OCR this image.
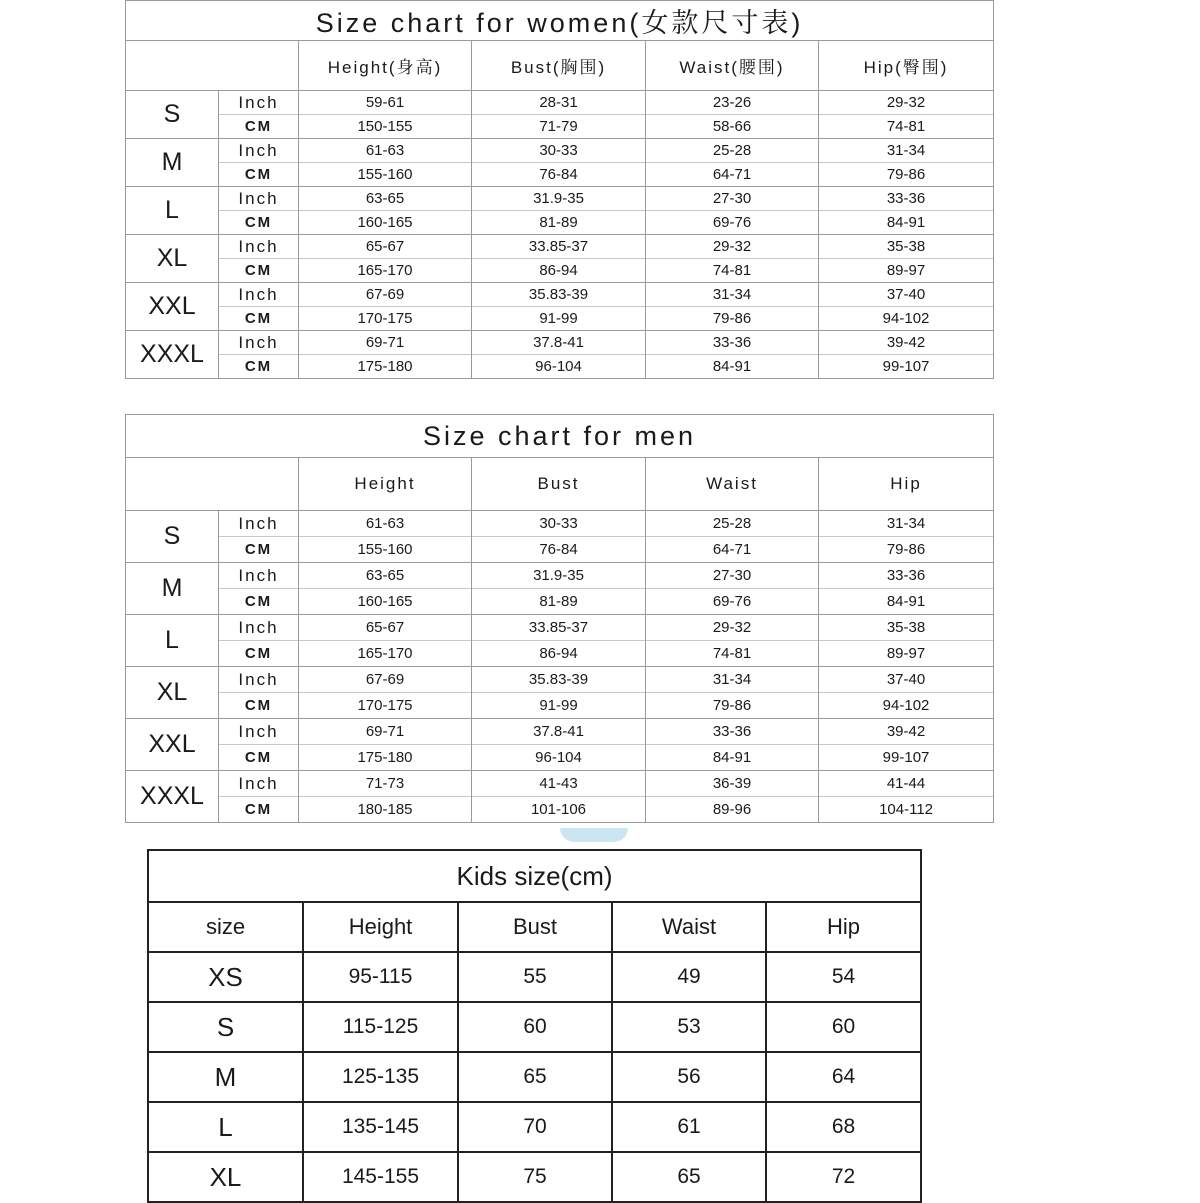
Size chart for women(女款尺寸表)					
		Height(身高)	Bust(胸围)	Waist(腰围)	Hip(臀围)
S	Inch	59-61	28-31	23-26	29-32
	CM	150-155	71-79	58-66	74-81
M	Inch	61-63	30-33	25-28	31-34
	CM	155-160	76-84	64-71	79-86
L	Inch	63-65	31.9-35	27-30	33-36
	CM	160-165	81-89	69-76	84-91
XL	Inch	65-67	33.85-37	29-32	35-38
	CM	165-170	86-94	74-81	89-97
XXL	Inch	67-69	35.83-39	31-34	37-40
	CM	170-175	91-99	79-86	94-102
XXXL	Inch	69-71	37.8-41	33-36	39-42
	CM	175-180	96-104	84-91	99-107
Size chart for men					
		Height	Bust	Waist	Hip
S	Inch	61-63	30-33	25-28	31-34
	CM	155-160	76-84	64-71	79-86
M	Inch	63-65	31.9-35	27-30	33-36
	CM	160-165	81-89	69-76	84-91
L	Inch	65-67	33.85-37	29-32	35-38
	CM	165-170	86-94	74-81	89-97
XL	Inch	67-69	35.83-39	31-34	37-40
	CM	170-175	91-99	79-86	94-102
XXL	Inch	69-71	37.8-41	33-36	39-42
	CM	175-180	96-104	84-91	99-107
XXXL	Inch	71-73	41-43	36-39	41-44
	CM	180-185	101-106	89-96	104-112
Kids size(cm)				
size	Height	Bust	Waist	Hip
XS	95-115	55	49	54
S	115-125	60	53	60
M	125-135	65	56	64
L	135-145	70	61	68
XL	145-155	75	65	72
